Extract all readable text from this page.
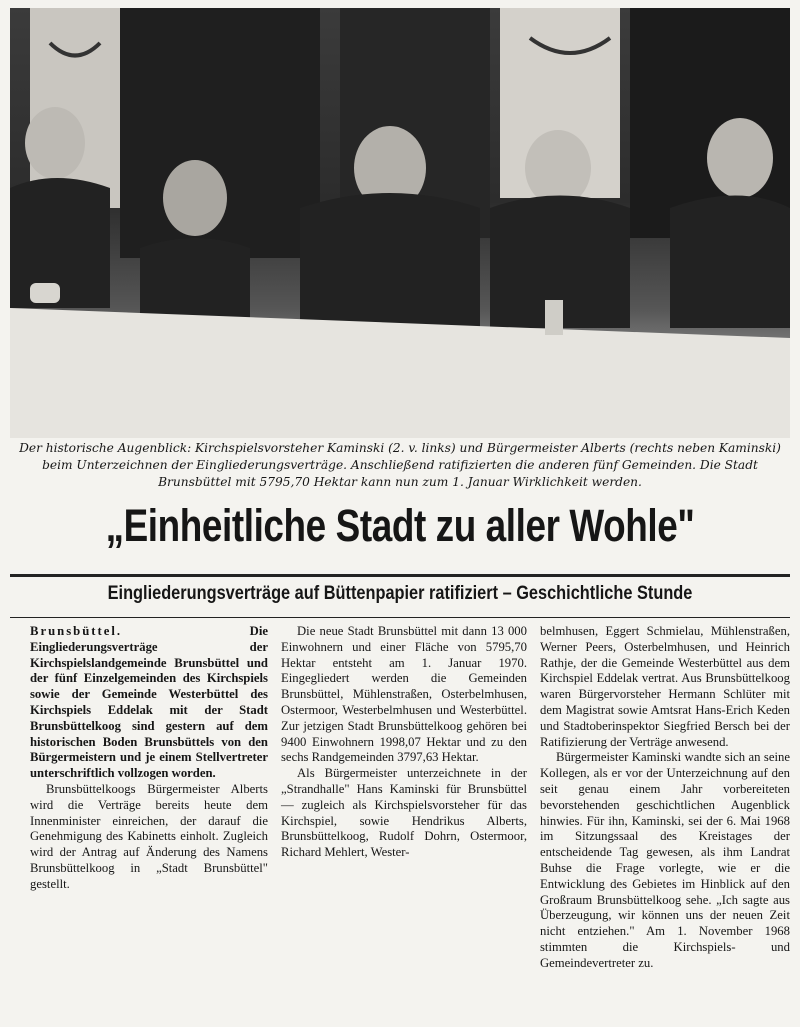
Der historische Augenblick: Kirchspielsvorsteher Kaminski (2. v. links) und Bürgermeister Alberts (rechts neben Kaminski) beim Unterzeichnen der Eingliederungsverträge. Anschließend ratifizierten die anderen fünf Gemeinden. Die Stadt Brunsbüttel mit 5795,70 Hektar kann nun zum 1. Januar Wirklichkeit werden.

„Einheitliche Stadt zu aller Wohle"
Eingliederungsverträge auf Büttenpapier ratifiziert – Geschichtliche Stunde

Brunsbüttel.	Die Eingliederungsverträge der Kirchspielslandgemeinde Brunsbüttel und der fünf Einzelgemeinden des Kirchspiels sowie der Gemeinde Westerbüttel des Kirchspiels Eddelak mit der Stadt Brunsbüttelkoog sind gestern auf dem historischen Boden Brunsbüttels von den Bürgermeistern und je einem Stellvertreter unterschriftlich vollzogen worden.

Brunsbüttelkoogs Bürgermeister Alberts wird die Verträge bereits heute dem Innenminister einreichen, der darauf die Genehmigung des Kabinetts einholt. Zugleich wird der Antrag auf Änderung des Namens Brunsbüttelkoog in „Stadt Brunsbüttel" gestellt.

Die neue Stadt Brunsbüttel mit dann 13 000 Einwohnern und einer Fläche von 5795,70 Hektar entsteht am 1. Januar 1970. Eingegliedert werden die Gemeinden Brunsbüttel, Mühlenstraßen, Osterbelmhusen, Ostermoor, Westerbelmhusen und Westerbüttel. Zur jetzigen Stadt Brunsbüttelkoog gehören bei 9400 Einwohnern 1998,07 Hektar und zu den sechs Randgemeinden 3797,63 Hektar.

Als Bürgermeister unterzeichnete in der „Strandhalle" Hans Kaminski für Brunsbüttel — zugleich als Kirchspielsvorsteher für das Kirchspiel, sowie Hendrikus Alberts, Brunsbüttelkoog, Rudolf Dohrn, Ostermoor, Richard Mehlert, Wester-

belmhusen, Eggert Schmielau, Mühlenstraßen, Werner Peers, Osterbelmhusen, und Heinrich Rathje, der die Gemeinde Westerbüttel aus dem Kirchspiel Eddelak vertrat. Aus Brunsbüttelkoog waren Bürgervorsteher Hermann Schlüter mit dem Magistrat sowie Amtsrat Hans-Erich Keden und Stadtoberinspektor Siegfried Bersch bei der Ratifizierung der Verträge anwesend.

Bürgermeister Kaminski wandte sich an seine Kollegen, als er vor der Unterzeichnung auf den seit genau einem Jahr vorbereiteten bevorstehenden geschichtlichen Augenblick hinwies. Für ihn, Kaminski, sei der 6. Mai 1968 im Sitzungssaal des Kreistages der entscheidende Tag gewesen, als ihm Landrat Buhse die Frage vorlegte, wie er die Entwicklung des Gebietes im Hinblick auf den Großraum Brunsbüttelkoog sehe. „Ich sagte aus Überzeugung, wir können uns der neuen Zeit nicht entziehen." Am 1. November 1968 stimmten die Kirchspiels- und Gemeindevertreter zu.
